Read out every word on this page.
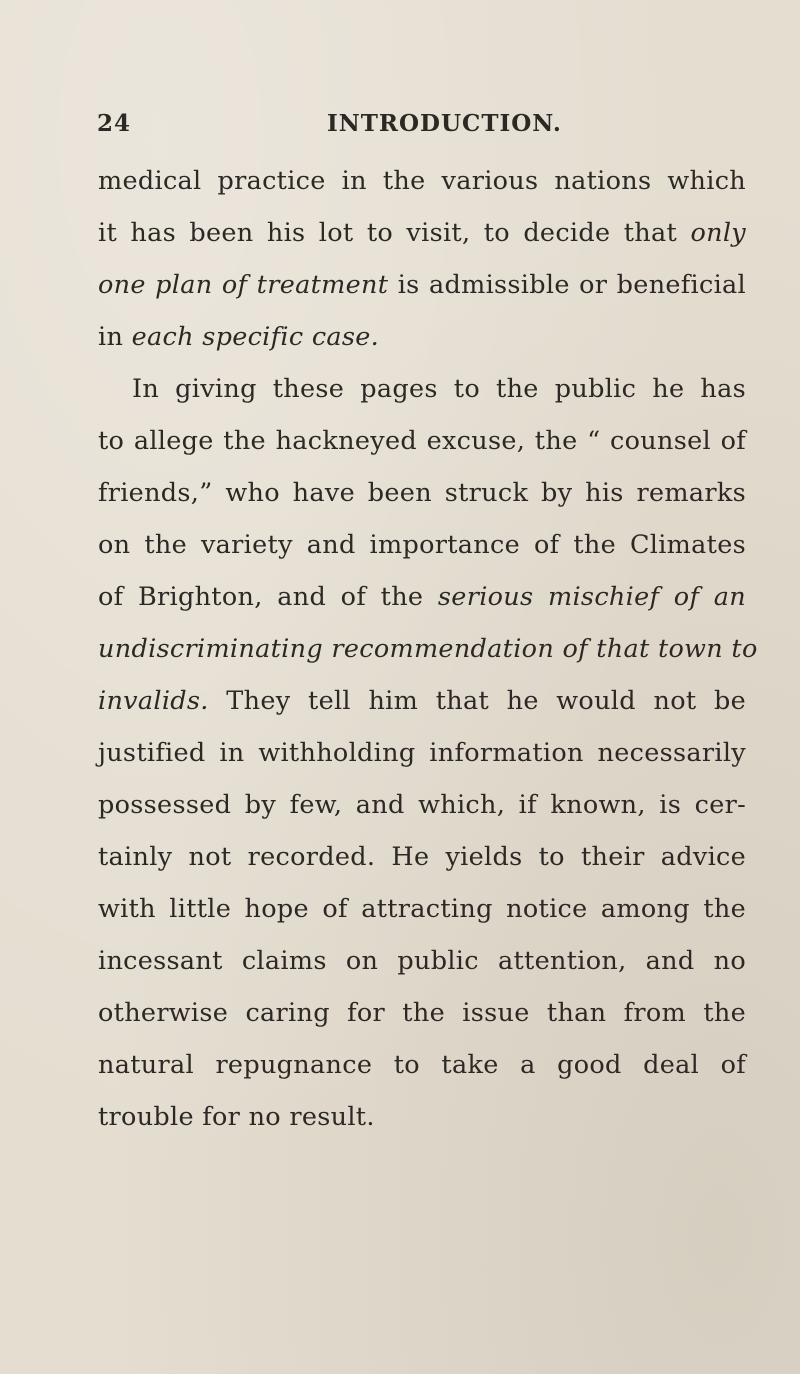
24	INTRODUCTION.
medical practice in the various nations which
it has been his lot to visit, to decide that only
one plan of treatment is admissible or beneficial
in each specific case.
In giving these pages to the public he has
to allege the hackneyed excuse, the “ counsel of
friends,” who have been struck by his remarks
on the variety and importance of the Climates
of Brighton, and of the serious mischief of an
undiscriminating recommendation of that town to
invalids. They tell him that he would not be
justified in withholding information necessarily
possessed by few, and which, if known, is cer-
tainly not recorded. He yields to their advice
with little hope of attracting notice among the
incessant claims on public attention, and no
otherwise caring for the issue than from the
natural repugnance to take a good deal of
trouble for no result.
